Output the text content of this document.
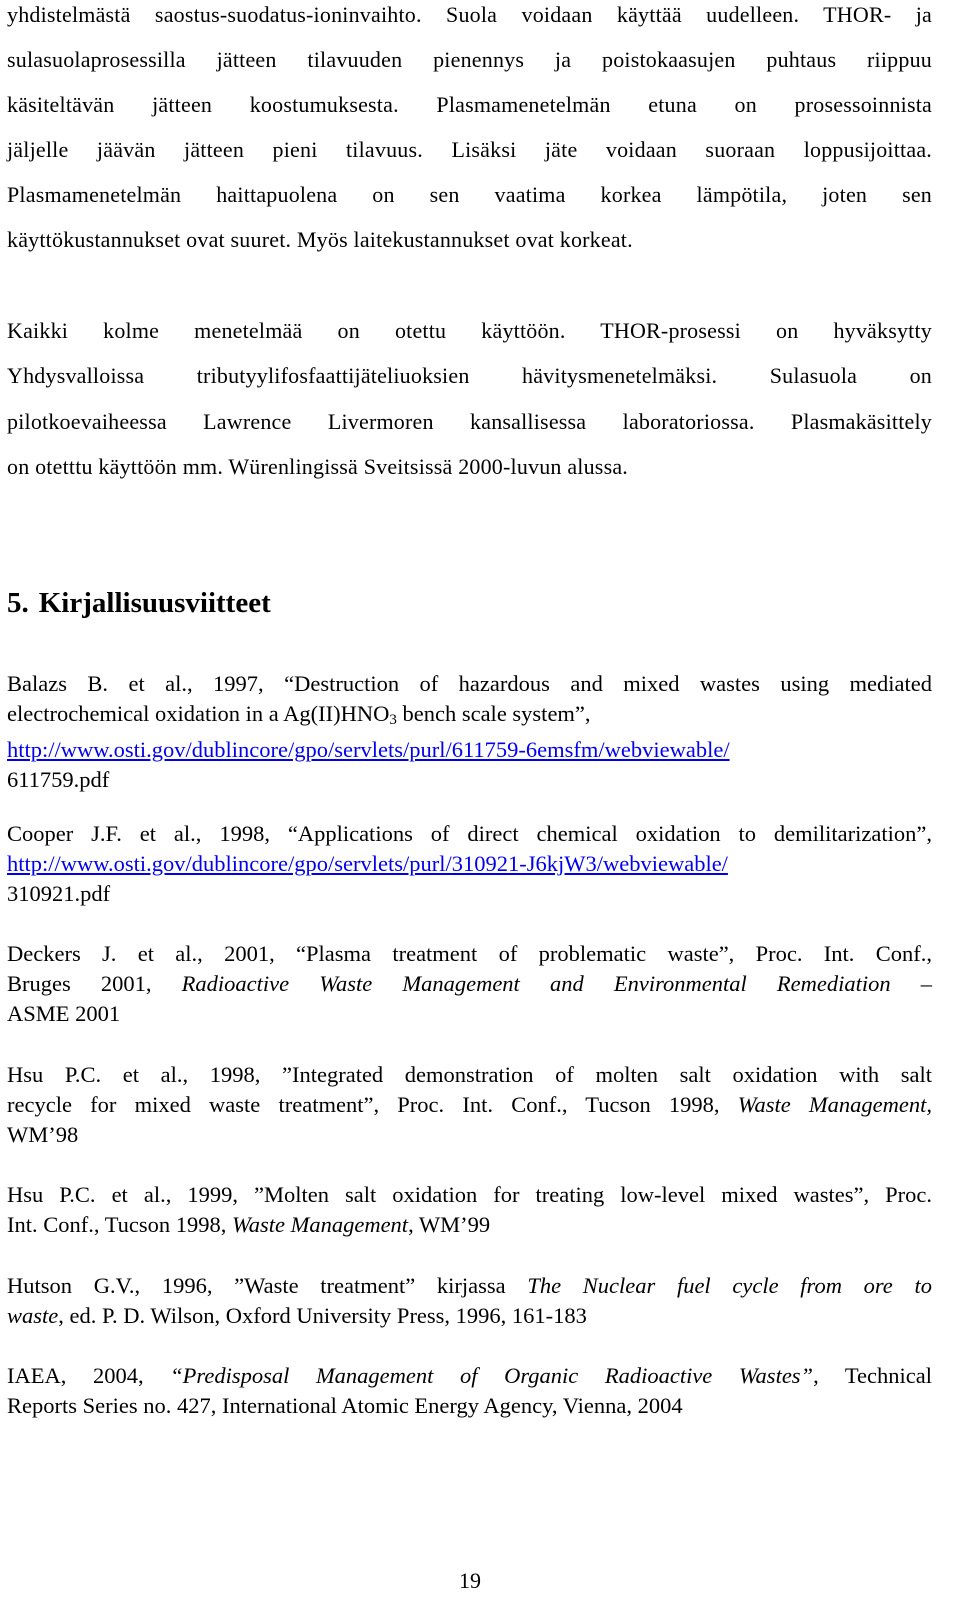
yhdistelmästä saostus-suodatus-ioninvaihto. Suola voidaan käyttää uudelleen. THOR- ja
sulasuolaprosessilla jätteen tilavuuden pienennys ja poistokaasujen puhtaus riippuu
käsiteltävän jätteen koostumuksesta. Plasmamenetelmän etuna on prosessoinnista
jäljelle jäävän jätteen pieni tilavuus. Lisäksi jäte voidaan suoraan loppusijoittaa.
Plasmamenetelmän haittapuolena on sen vaatima korkea lämpötila, joten sen
käyttökustannukset ovat suuret. Myös laitekustannukset ovat korkeat.
Kaikki kolme menetelmää on otettu käyttöön. THOR-prosessi on hyväksytty
Yhdysvalloissa tributyylifosfaattijäteliuoksien hävitysmenetelmäksi. Sulasuola on
pilotkoevaiheessa Lawrence Livermoren kansallisessa laboratoriossa. Plasmakäsittely
on otetttu käyttöön mm. Würenlingissä Sveitsissä 2000-luvun alussa.
5. Kirjallisuusviitteet
Balazs B. et al., 1997, “Destruction of hazardous and mixed wastes using mediated
electrochemical oxidation in a $Ag(II)HNO_3$ bench scale system”,
http://www.osti.gov/dublincore/gpo/servlets/purl/611759-6emsfm/webviewable/
611759.pdf
Cooper J.F. et al., 1998, “Applications of direct chemical oxidation to demilitarization”,
http://www.osti.gov/dublincore/gpo/servlets/purl/310921-J6kjW3/webviewable/
310921.pdf
Deckers J. et al., 2001, “Plasma treatment of problematic waste”, Proc. Int. Conf.,
Bruges 2001, Radioactive Waste Management and Environmental Remediation –
ASME 2001
Hsu P.C. et al., 1998, ”Integrated demonstration of molten salt oxidation with salt
recycle for mixed waste treatment”, Proc. Int. Conf., Tucson 1998, Waste Management,
WM’98
Hsu P.C. et al., 1999, ”Molten salt oxidation for treating low-level mixed wastes”, Proc.
Int. Conf., Tucson 1998, Waste Management, WM’99
Hutson G.V., 1996, ”Waste treatment” kirjassa The Nuclear fuel cycle from ore to
waste, ed. P. D. Wilson, Oxford University Press, 1996, 161-183
IAEA, 2004, “Predisposal Management of Organic Radioactive Wastes”, Technical
Reports Series no. 427, International Atomic Energy Agency, Vienna, 2004
19
